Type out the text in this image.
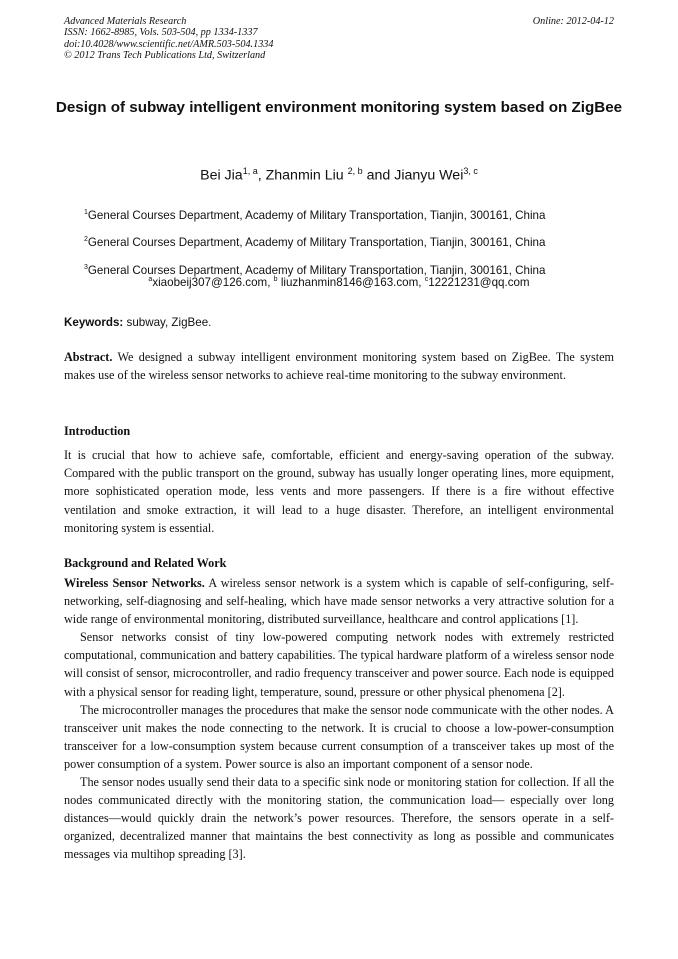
Advanced Materials Research
ISSN: 1662-8985, Vols. 503-504, pp 1334-1337
doi:10.4028/www.scientific.net/AMR.503-504.1334
© 2012 Trans Tech Publications Ltd, Switzerland
Online: 2012-04-12
Design of subway intelligent environment monitoring system based on ZigBee
Bei Jia$^{1, a}$, Zhanmin Liu $^{2, b}$ and Jianyu Wei$^{3, c}$
$^1$General Courses Department, Academy of Military Transportation, Tianjin, 300161, China
$^2$General Courses Department, Academy of Military Transportation, Tianjin, 300161, China
$^3$General Courses Department, Academy of Military Transportation, Tianjin, 300161, China
$^a$xiaobeij307@126.com, $^b$ liuzhanmin8146@163.com, $^c$12221231@qq.com
Keywords: subway, ZigBee.
Abstract. We designed a subway intelligent environment monitoring system based on ZigBee. The system makes use of the wireless sensor networks to achieve real-time monitoring to the subway environment.
Introduction
It is crucial that how to achieve safe, comfortable, efficient and energy-saving operation of the subway. Compared with the public transport on the ground, subway has usually longer operating lines, more equipment, more sophisticated operation mode, less vents and more passengers. If there is a fire without effective ventilation and smoke extraction, it will lead to a huge disaster. Therefore, an intelligent environmental monitoring system is essential.
Background and Related Work

Wireless Sensor Networks. A wireless sensor network is a system which is capable of self-configuring, self-networking, self-diagnosing and self-healing, which have made sensor networks a very attractive solution for a wide range of environmental monitoring, distributed surveillance, healthcare and control applications [1].

Sensor networks consist of tiny low-powered computing network nodes with extremely restricted computational, communication and battery capabilities. The typical hardware platform of a wireless sensor node will consist of sensor, microcontroller, and radio frequency transceiver and power source. Each node is equipped with a physical sensor for reading light, temperature, sound, pressure or other physical phenomena [2].

The microcontroller manages the procedures that make the sensor node communicate with the other nodes. A transceiver unit makes the node connecting to the network. It is crucial to choose a low-power-consumption transceiver for a low-consumption system because current consumption of a transceiver takes up most of the power consumption of a system. Power source is also an important component of a sensor node.

The sensor nodes usually send their data to a specific sink node or monitoring station for collection. If all the nodes communicated directly with the monitoring station, the communication load— especially over long distances—would quickly drain the network’s power resources. Therefore, the sensors operate in a self-organized, decentralized manner that maintains the best connectivity as long as possible and communicates messages via multihop spreading [3].
